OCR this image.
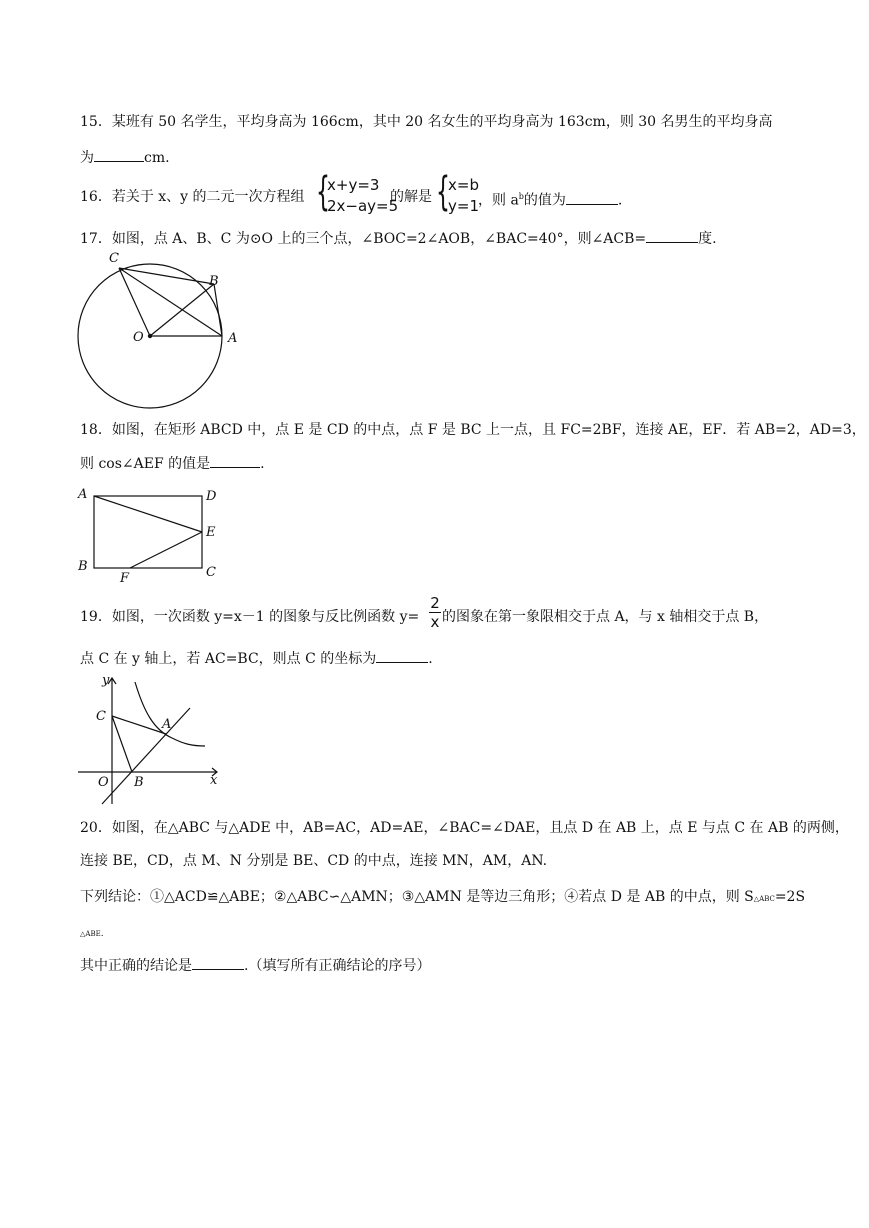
15．某班有 50 名学生，平均身高为 166cm，其中 20 名女生的平均身高为 163cm，则 30 名男生的平均身高
为	cm.
16．若关于 x、y 的二元一次方程组 {
x+y=3
2x−ay=5
的解是 {
x=b
y=1 ，则 $a^b$的值为	.
17．如图，点 A、B、C 为⊙O 上的三个点，∠BOC=2∠AOB，∠BAC=40°，则∠ACB=	度.
C
B
O	A
18．如图，在矩形 ABCD 中，点 E 是 CD 的中点，点 F 是 BC 上一点，且 FC=2BF，连接 AE，EF．若 AB=2，AD=3，
则 cos∠AEF 的值是	.
A	D
E
B
F	C
19．如图，一次函数 y=x－1 的图象与反比例函数 $y= \frac{2}{x}$ 的图象在第一象限相交于点 A，与 x 轴相交于点 B，
点 C 在 y 轴上，若 AC=BC，则点 C 的坐标为	.
y
C
A
O B	x
20．如图，在△ABC 与△ADE 中，AB=AC，AD=AE，∠BAC=∠DAE，且点 D 在 AB 上，点 E 与点 C 在 AB 的两侧，
连接 BE，CD，点 M、N 分别是 BE、CD 的中点，连接 MN，AM，AN.
下列结论：①△ACD≌△ABE；②△ABC∽△AMN；③△AMN 是等边三角形；④若点 D 是 AB 的中点，则 S△ABC=2S
△ABE.
其中正确的结论是	.（填写所有正确结论的序号）
